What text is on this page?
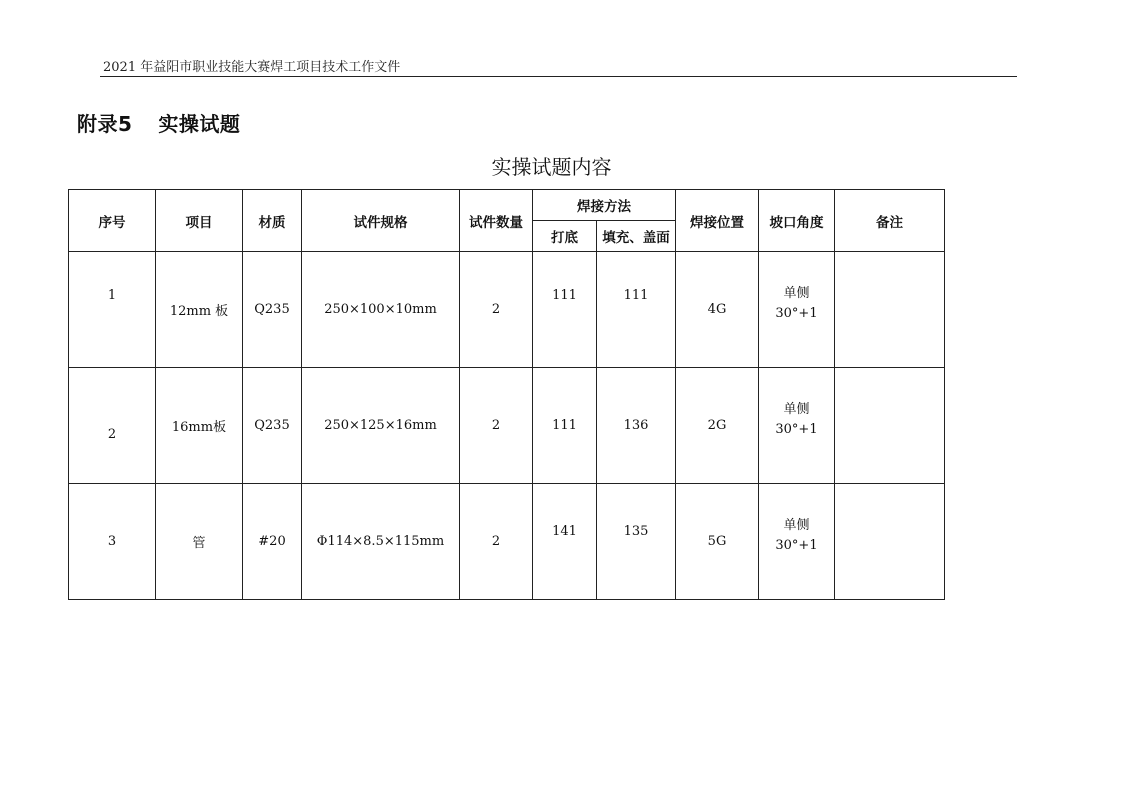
2021 年益阳市职业技能大赛焊工项目技术工作文件
附录5 实操试题
实操试题内容
序号	项目	材质	试件规格	试件数量	焊接方法		焊接位置	坡口角度	备注
					打底	填充、盖面			
1	12mm 板	Q235	250×100×10mm	2	111	111	4G	单侧
30°+1	
2	16mm板	Q235	250×125×16mm	2	111	136	2G	单侧
30°+1	
3	管	#20	Φ114×8.5×115mm	2	141	135	5G	单侧
30°+1	
